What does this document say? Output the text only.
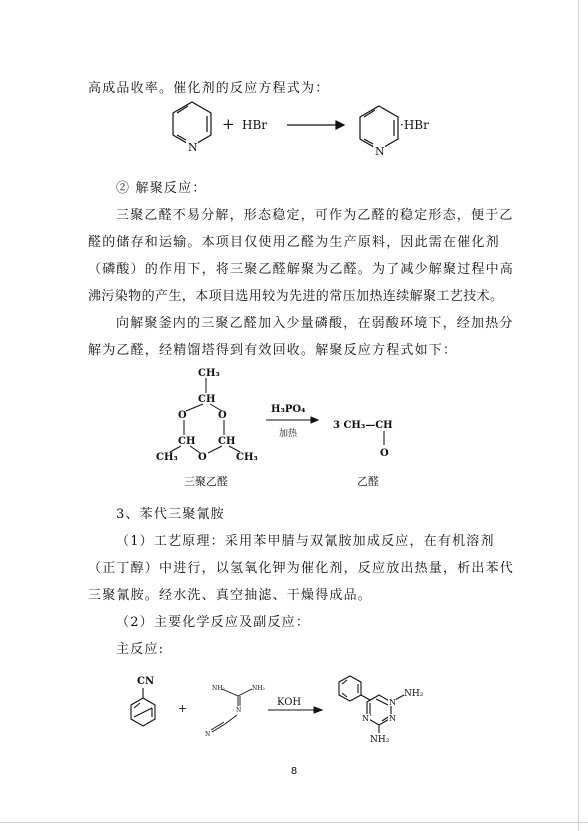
高成品收率。催化剂的反应方程式为：
N
+ HBr
N
·HBr
② 解聚反应：
三聚乙醛不易分解，形态稳定，可作为乙醛的稳定形态，便于乙
醛的储存和运输。本项目仅使用乙醛为生产原料，因此需在催化剂
（磷酸）的作用下，将三聚乙醛解聚为乙醛。为了减少解聚过程中高
沸污染物的产生，本项目选用较为先进的常压加热连续解聚工艺技术。
向解聚釜内的三聚乙醛加入少量磷酸，在弱酸环境下，经加热分
解为乙醛，经精馏塔得到有效回收。解聚反应方程式如下：
CH₃
CH
O	O
CH CH
O
CH₃	CH₃
H₃PO₄
加热
3 CH₃—CH
O
三聚乙醛	乙醛
3、苯代三聚氰胺
（1）工艺原理：采用苯甲腈与双氰胺加成反应，在有机溶剂
（正丁醇）中进行，以氢氧化钾为催化剂，反应放出热量，析出苯代
三聚氰胺。经水洗、真空抽滤、干燥得成品。
（2）主要化学反应及副反应：
主反应:
CN
+
NH₂	NH₂
N
N
KOH	N
N	N
NH₂
NH₂
8
